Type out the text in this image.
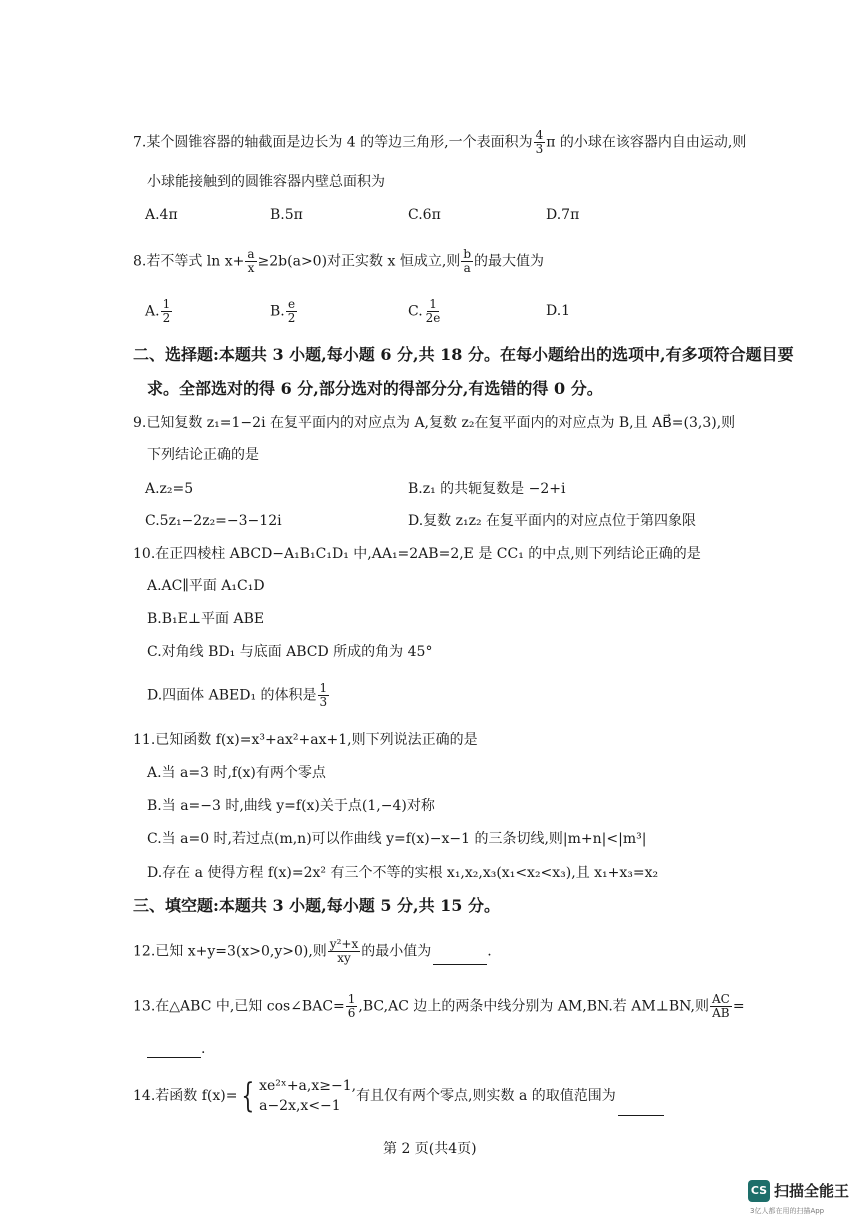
7.某个圆锥容器的轴截面是边长为 4 的等边三角形,一个表面积为 $\frac{4}{3}$ π 的小球在该容器内自由运动,则
小球能接触到的圆锥容器内壁总面积为
A.4π	B.5π	C.6π	D.7π
8.若不等式 $\ln x+ \frac{a}{x} \ge 2b(a>0)$对正实数 x 恒成立,则 $\frac{b}{a}$ 的最大值为
A. $\frac{1}{2}$	B. $\frac{e}{2}$	C. $\frac{1}{2e}$	D.1
二、选择题:本题共 3 小题,每小题 6 分,共 18 分。在每小题给出的选项中,有多项符合题目要
求。全部选对的得 6 分,部分选对的得部分分,有选错的得 0 分。
9.已知复数 z₁=1−2i 在复平面内的对应点为 A,复数 z₂在复平面内的对应点为 B,且 AB⃗=(3,3),则
下列结论正确的是
A.z₂=5	B.z₁ 的共轭复数是 −2+i
C.5z₁−2z₂=−3−12i	D.复数 z₁z₂ 在复平面内的对应点位于第四象限
10.在正四棱柱 ABCD−A₁B₁C₁D₁ 中,AA₁=2AB=2,E 是 CC₁ 的中点,则下列结论正确的是
A.AC∥平面 A₁C₁D
B.B₁E⊥平面 ABE
C.对角线 BD₁ 与底面 ABCD 所成的角为 45°
D.四面体 ABED₁ 的体积是 $\frac{1}{3}$
11.已知函数 f(x)=x³+ax²+ax+1,则下列说法正确的是
A.当 a=3 时,f(x)有两个零点
B.当 a=−3 时,曲线 y=f(x)关于点(1,−4)对称
C.当 a=0 时,若过点(m,n)可以作曲线 y=f(x)−x−1 的三条切线,则|m+n|<|m³|
D.存在 a 使得方程 f(x)=2x² 有三个不等的实根 x₁,x₂,x₃(x₁<x₂<x₃),且 x₁+x₃=x₂
三、填空题:本题共 3 小题,每小题 5 分,共 15 分。
12.已知 x+y=3(x>0,y>0),则 $\frac{\text{y²+x}}{xy}$ 的最小值为	.
13.在△ABC 中,已知 cos∠BAC= $\frac{1}{6} ,BC,AC$ 边上的两条中线分别为 AM,BN.若 AM⊥BN,则 $\frac{AC}{AB}$ =
.
14.若函数 f(x)= { xe²ˣ+a,x≥−1,
a−2x,x<−1
有且仅有两个零点,则实数 a 的取值范围为
第 2 页(共4页)
CS 扫描全能王
3亿人都在用的扫描App
